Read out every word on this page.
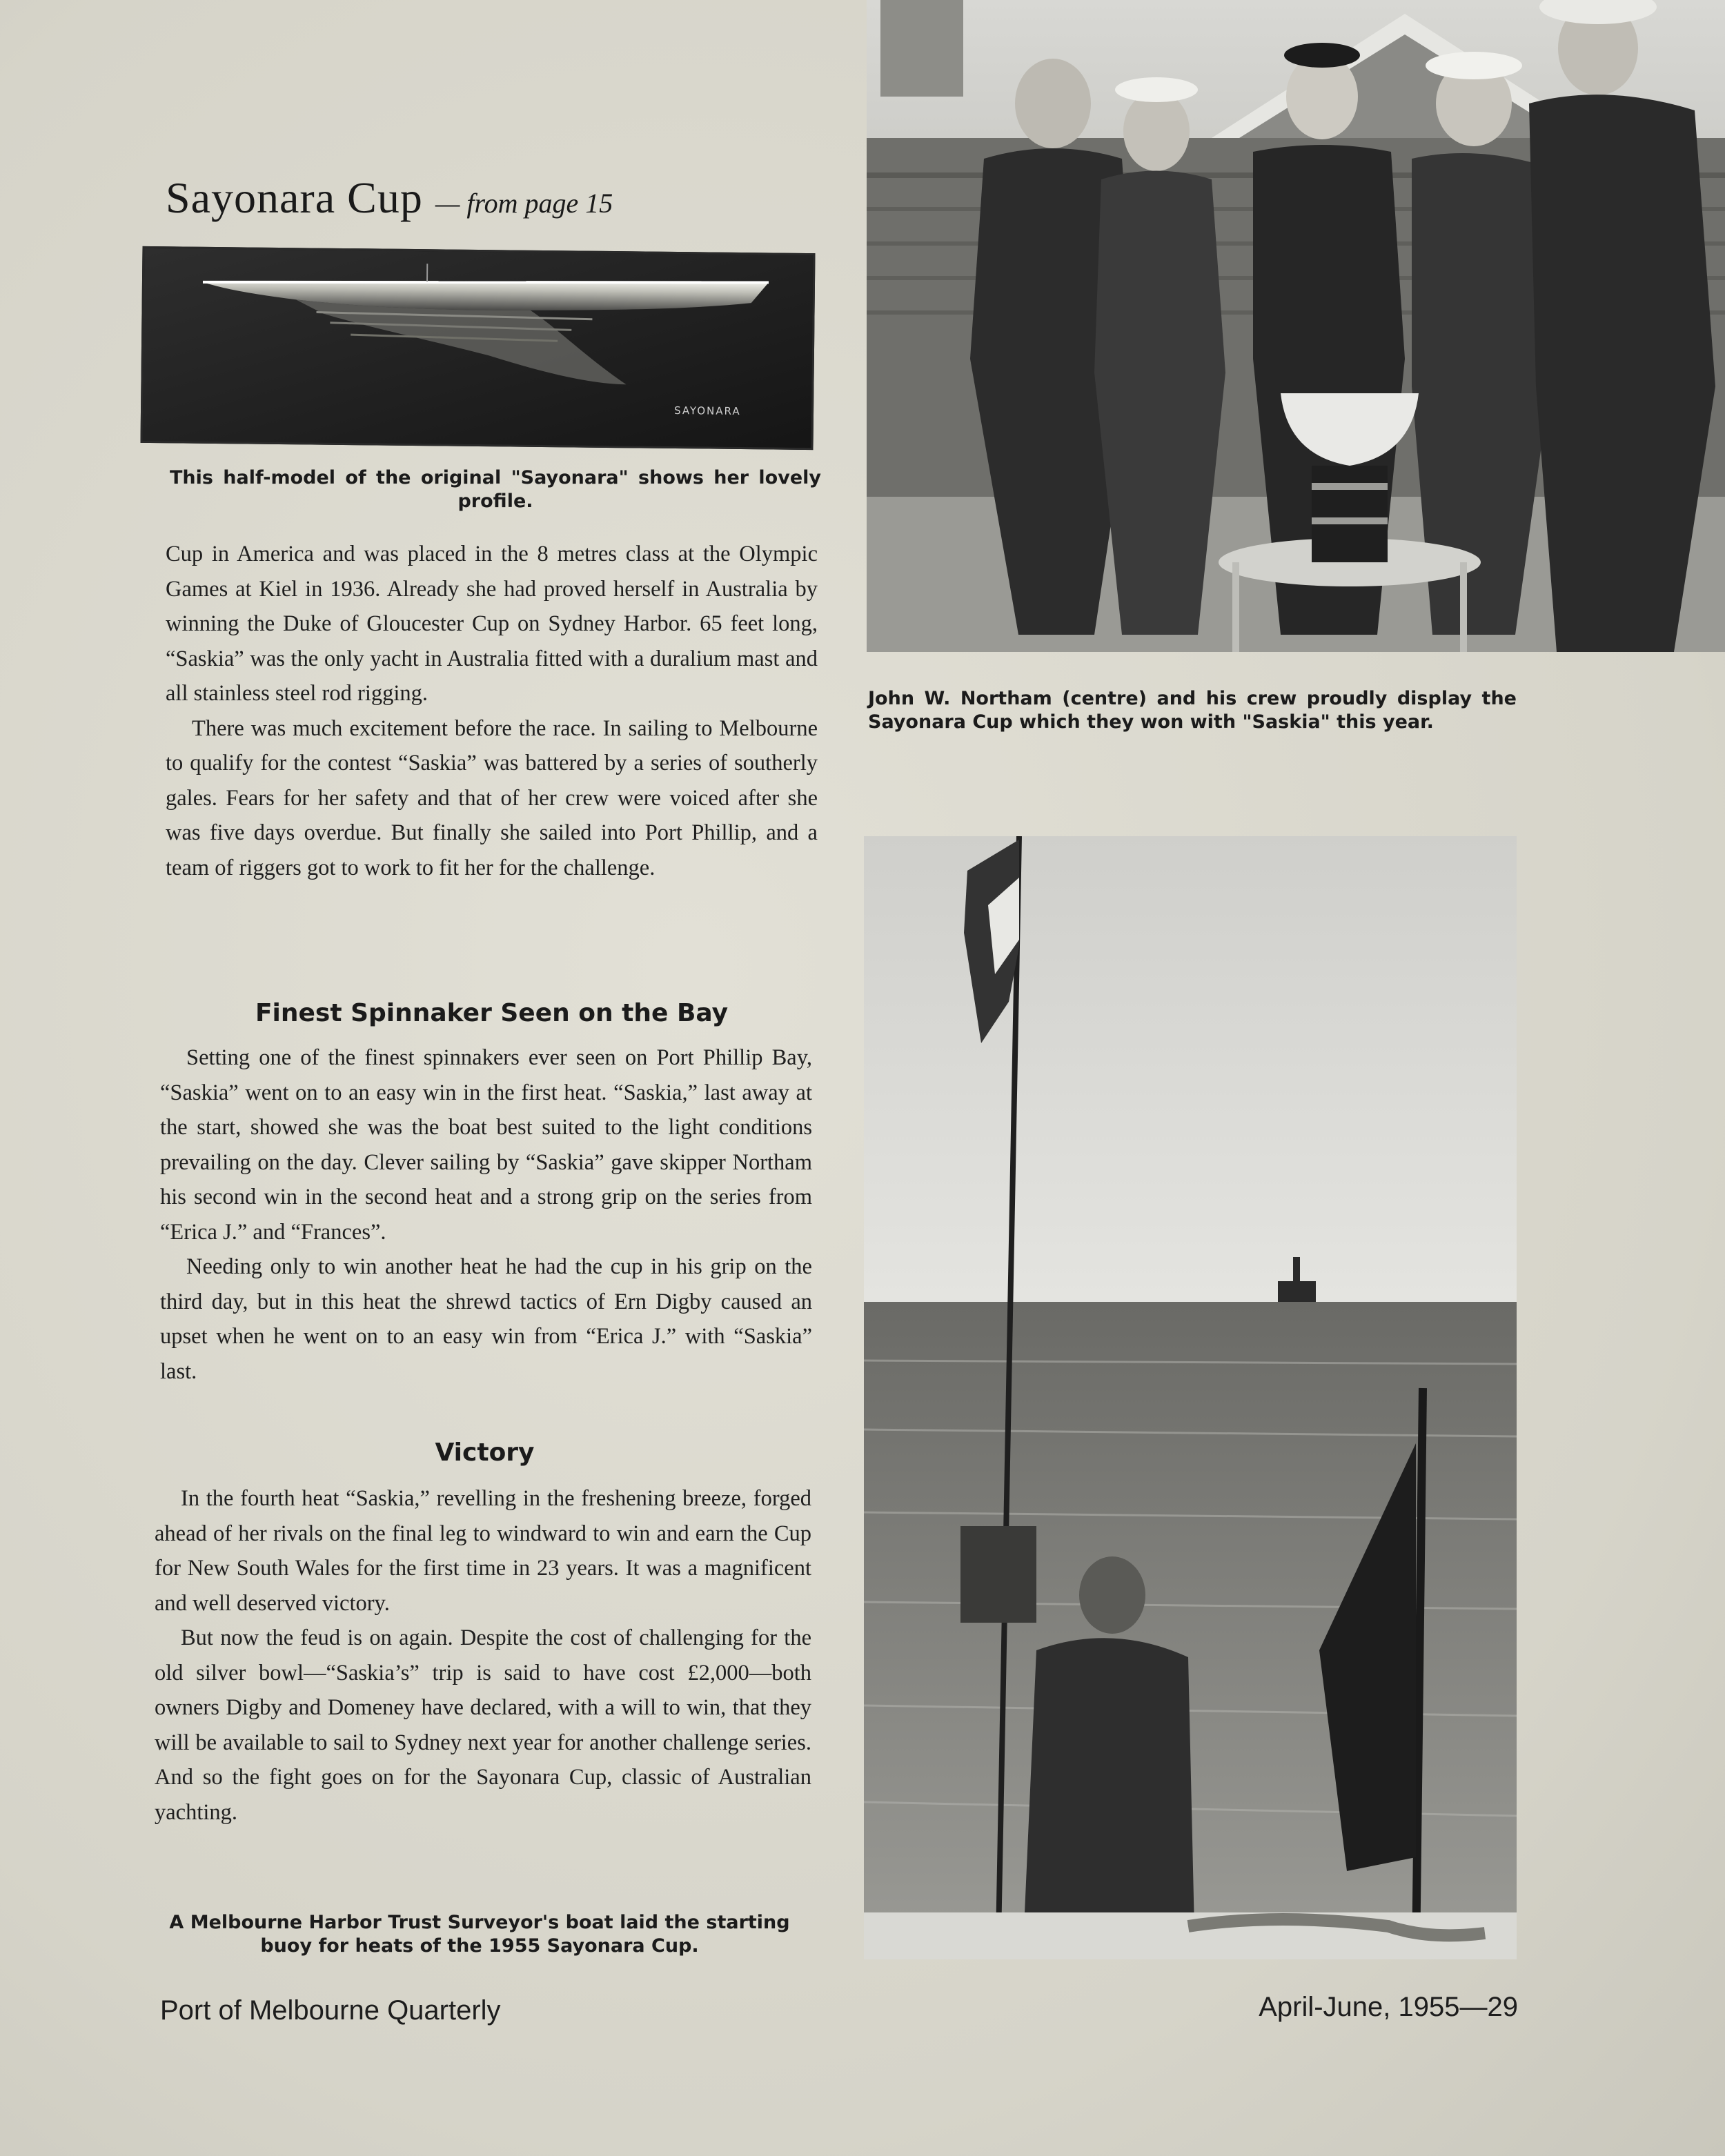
Sayonara Cup — from page 15
SAYONARA
This half-model of the original "Sayonara" shows her lovely profile.
John W. Northam (centre) and his crew proudly display the Sayonara Cup which they won with "Saskia" this year.

Cup in America and was placed in the 8 metres class at the Olympic Games at Kiel in 1936. Already she had proved herself in Australia by winning the Duke of Gloucester Cup on Sydney Harbor. 65 feet long, “Saskia” was the only yacht in Australia fitted with a duralium mast and all stainless steel rod rigging.

There was much excitement before the race. In sailing to Melbourne to qualify for the contest “Saskia” was battered by a series of southerly gales. Fears for her safety and that of her crew were voiced after she was five days overdue. But finally she sailed into Port Phillip, and a team of riggers got to work to fit her for the challenge.

Finest Spinnaker Seen on the Bay

Setting one of the finest spinnakers ever seen on Port Phillip Bay, “Saskia” went on to an easy win in the first heat. “Saskia,” last away at the start, showed she was the boat best suited to the light conditions prevailing on the day. Clever sailing by “Saskia” gave skipper Northam his second win in the second heat and a strong grip on the series from “Erica J.” and “Frances”.

Needing only to win another heat he had the cup in his grip on the third day, but in this heat the shrewd tactics of Ern Digby caused an upset when he went on to an easy win from “Erica J.” with “Saskia” last.

Victory

In the fourth heat “Saskia,” revelling in the freshening breeze, forged ahead of her rivals on the final leg to windward to win and earn the Cup for New South Wales for the first time in 23 years. It was a magnificent and well deserved victory.

But now the feud is on again. Despite the cost of challenging for the old silver bowl—“Saskia’s” trip is said to have cost £2,000—both owners Digby and Domeney have declared, with a will to win, that they will be available to sail to Sydney next year for another challenge series. And so the fight goes on for the Sayonara Cup, classic of Australian yachting.

A Melbourne Harbor Trust Surveyor's boat laid the starting buoy for heats of the 1955 Sayonara Cup.
Port of Melbourne Quarterly	April-June, 1955—29
